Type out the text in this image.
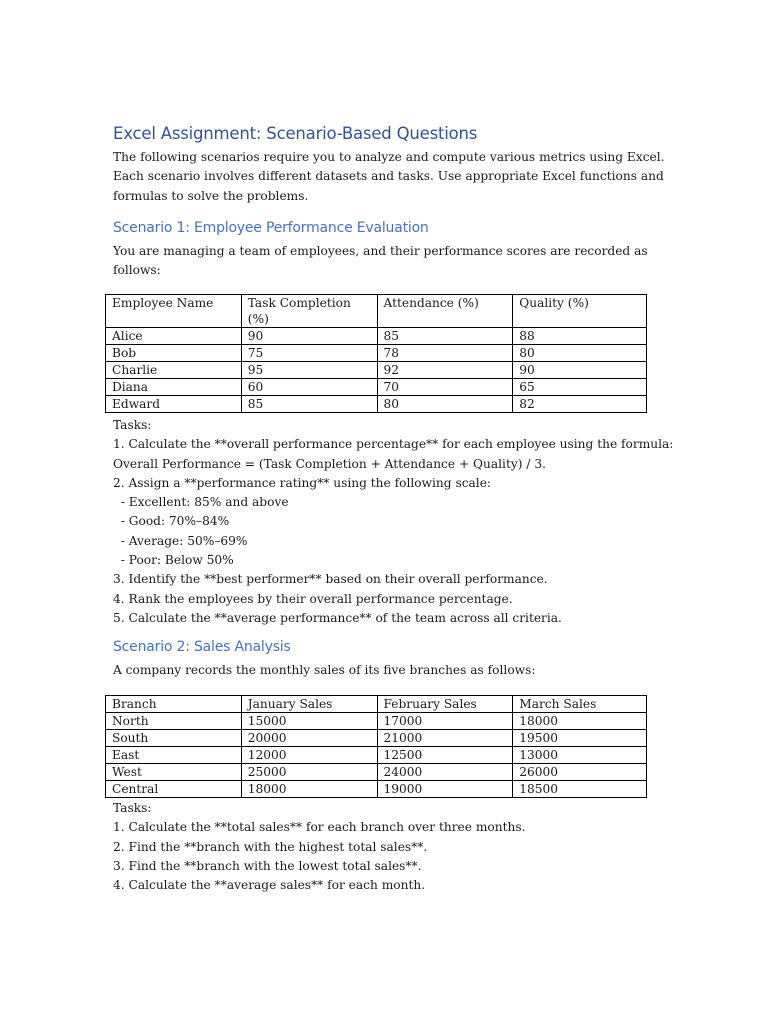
Excel Assignment: Scenario-Based Questions

The following scenarios require you to analyze and compute various metrics using Excel.

Each scenario involves different datasets and tasks. Use appropriate Excel functions and

formulas to solve the problems.

Scenario 1: Employee Performance Evaluation

You are managing a team of employees, and their performance scores are recorded as

follows:

Employee Name	Task Completion (%)	Attendance (%)	Quality (%)
Alice	90	85	88
Bob	75	78	80
Charlie	95	92	90
Diana	60	70	65
Edward	85	80	82

Tasks:

1. Calculate the **overall performance percentage** for each employee using the formula:

Overall Performance = (Task Completion + Attendance + Quality) / 3.

2. Assign a **performance rating** using the following scale:

- Excellent: 85% and above

- Good: 70%–84%

- Average: 50%–69%

- Poor: Below 50%

3. Identify the **best performer** based on their overall performance.

4. Rank the employees by their overall performance percentage.

5. Calculate the **average performance** of the team across all criteria.

Scenario 2: Sales Analysis

A company records the monthly sales of its five branches as follows:

Branch	January Sales	February Sales	March Sales
North	15000	17000	18000
South	20000	21000	19500
East	12000	12500	13000
West	25000	24000	26000
Central	18000	19000	18500

Tasks:

1. Calculate the **total sales** for each branch over three months.

2. Find the **branch with the highest total sales**.

3. Find the **branch with the lowest total sales**.

4. Calculate the **average sales** for each month.
